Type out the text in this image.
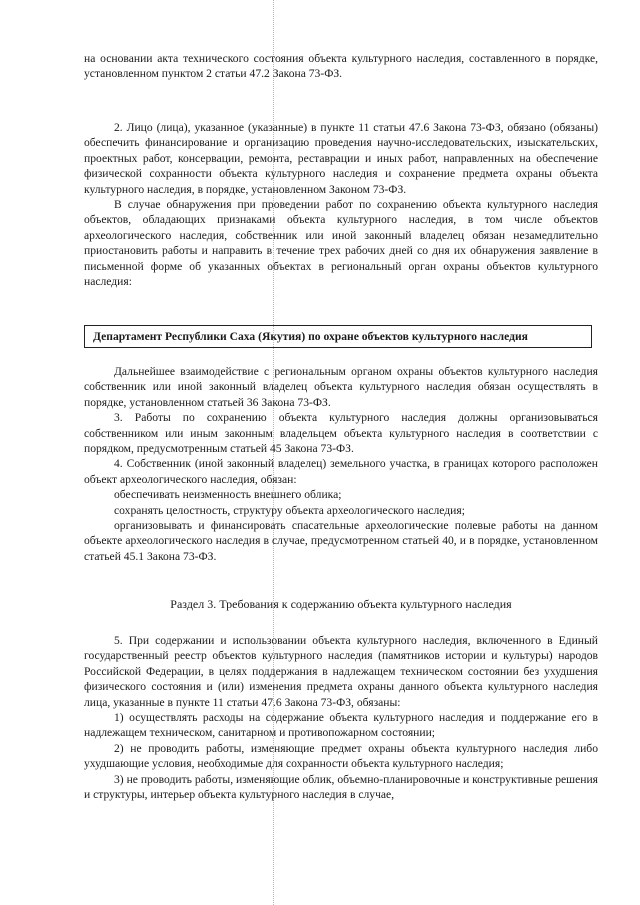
на основании акта технического состояния объекта культурного наследия, составленного в порядке, установленном пунктом 2 статьи 47.2 Закона 73-ФЗ.

2. Лицо (лица), указанное (указанные) в пункте 11 статьи 47.6 Закона 73-ФЗ, обязано (обязаны) обеспечить финансирование и организацию проведения научно-исследовательских, изыскательских, проектных работ, консервации, ремонта, реставрации и иных работ, направленных на обеспечение физической сохранности объекта культурного наследия и сохранение предмета охраны объекта культурного наследия, в порядке, установленном Законом 73-ФЗ.

В случае обнаружения при проведении работ по сохранению объекта культурного наследия объектов, обладающих признаками объекта культурного наследия, в том числе объектов археологического наследия, собственник или иной законный владелец обязан незамедлительно приостановить работы и направить в течение трех рабочих дней со дня их обнаружения заявление в письменной форме об указанных объектах в региональный орган охраны объектов культурного наследия:

Департамент Республики Саха (Якутия) по охране объектов культурного наследия

Дальнейшее взаимодействие с региональным органом охраны объектов культурного наследия собственник или иной законный владелец объекта культурного наследия обязан осуществлять в порядке, установленном статьей 36 Закона 73-ФЗ.

3. Работы по сохранению объекта культурного наследия должны организовываться собственником или иным законным владельцем объекта культурного наследия в соответствии с порядком, предусмотренным статьей 45 Закона 73-ФЗ.

4. Собственник (иной законный владелец) земельного участка, в границах которого расположен объект археологического наследия, обязан:

обеспечивать неизменность внешнего облика;

сохранять целостность, структуру объекта археологического наследия;

организовывать и финансировать спасательные археологические полевые работы на данном объекте археологического наследия в случае, предусмотренном статьей 40, и в порядке, установленном статьей 45.1 Закона 73-ФЗ.

Раздел 3. Требования к содержанию объекта культурного наследия

5. При содержании и использовании объекта культурного наследия, включенного в Единый государственный реестр объектов культурного наследия (памятников истории и культуры) народов Российской Федерации, в целях поддержания в надлежащем техническом состоянии без ухудшения физического состояния и (или) изменения предмета охраны данного объекта культурного наследия лица, указанные в пункте 11 статьи 47.6 Закона 73-ФЗ, обязаны:

1) осуществлять расходы на содержание объекта культурного наследия и поддержание его в надлежащем техническом, санитарном и противопожарном состоянии;

2) не проводить работы, изменяющие предмет охраны объекта культурного наследия либо ухудшающие условия, необходимые для сохранности объекта культурного наследия;

3) не проводить работы, изменяющие облик, объемно-планировочные и конструктивные решения и структуры, интерьер объекта культурного наследия в случае,
